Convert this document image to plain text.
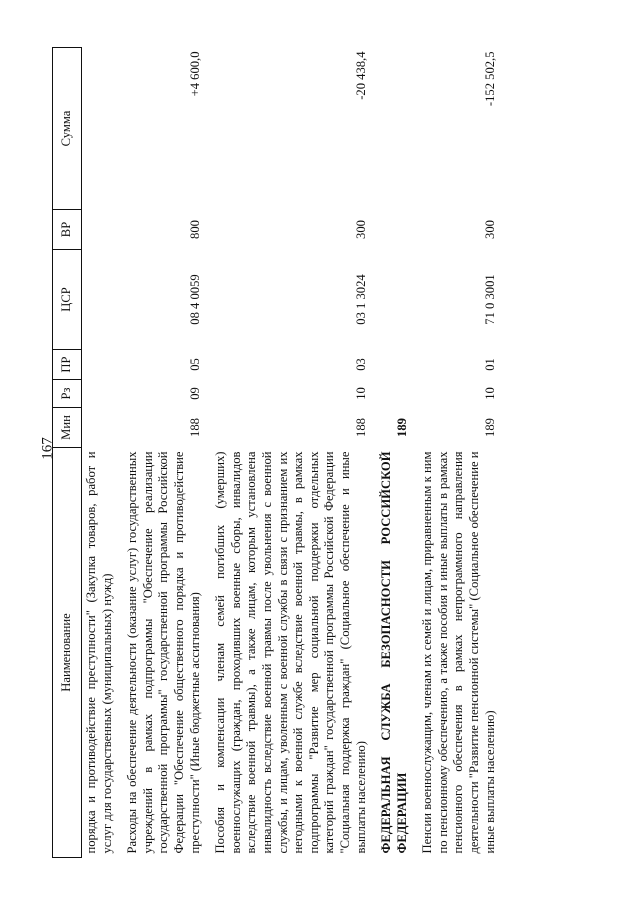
167
Наименование	Мин	Рз	ПР	ЦСР	ВР	Сумма
порядка и противодействие преступности" (Закупка товаров, работ и услуг для государственных (муниципальных) нужд)						

Расходы на обеспечение деятельности (оказание услуг) государственных учреждений в рамках подпрограммы "Обеспечение реализации государственной программы" государственной программы Российской Федерации "Обеспечение общественного порядка и противодействие преступности" (Иные бюджетные ассигнования)	188	09	05	08 4 0059	800	+4 600,0

Пособия и компенсации членам семей погибших (умерших) военнослужащих (граждан, проходивших военные сборы, инвалидов вследствие военной травмы), а также лицам, которым установлена инвалидность вследствие военной травмы после увольнения с военной службы, и лицам, уволенным с военной службы в связи с признанием их негодными к военной службе вследствие военной травмы, в рамках подпрограммы "Развитие мер социальной поддержки отдельных категорий граждан" государственной программы Российской Федерации "Социальная поддержка граждан" (Социальное обеспечение и иные выплаты населению)	188	10	03	03 1 3024	300	-20 438,4

ФЕДЕРАЛЬНАЯ СЛУЖБА БЕЗОПАСНОСТИ РОССИЙСКОЙ ФЕДЕРАЦИИ	189					

Пенсии военнослужащим, членам их семей и лицам, приравненным к ним по пенсионному обеспечению, а также пособия и иные выплаты в рамках пенсионного обеспечения в рамках непрограммного направления деятельности "Развитие пенсионной системы" (Социальное обеспечение и иные выплаты населению)	189	10	01	71 0 3001	300	-152 502,5
